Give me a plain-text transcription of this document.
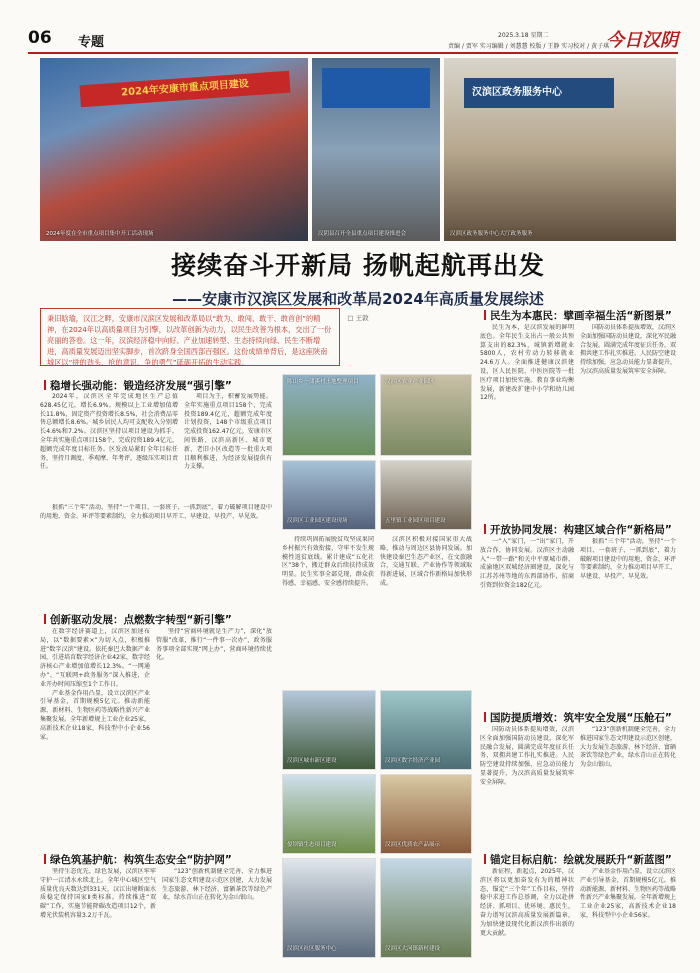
06 专题	2025.3.18 星期二
责编 / 贾军 实习编辑 / 刘慧慧 校版 / 王静 实习校对 / 黄子琪
今日汉阴
2024年安康市重点项目建设
2024年度在全市重点项目集中开工活动现场	汉阴县召开全县重点项目建设推进会
汉滨区政务服务中心
汉滨区政务服务中心大厅政务服务
接续奋斗开新局 扬帆起航再出发
——安康市汉滨区发展和改革局2024年高质量发展综述
□ 王敦
秉旧晗瑜，汉江之畔，安康市汉滨区发展和改革局以“敢为、敢闯、敢干、敢首创”的精神，在2024年以高质量项目为引擎，以改革创新为动力，以民生改善为根本，交出了一份亮丽的答卷。这一年，汉滨经济稳中向好、产业加速转型、生态持续向绿、民生不断增进，高质量发展迈出坚实脚步，首次跻身全国西部百强区。这份成绩单背后，是这座陕南城区以“拼的劲头、抢的意识、争的勇气”砥砺开拓的生动实践。
稳增长强动能：锻造经济发展“强引擎”

2024年，汉滨区全年完成地区生产总值628.45亿元，增长6.9%。规模以上工业增加值增长11.8%，固定资产投资增长8.5%，社会消费品零售总额增长8.6%。城乡居民人均可支配收入分别增长4.6%和7.2%。汉滨区坚持以项目建设为抓手，全年共实施重点项目158个，完成投资189.4亿元，超额完成年度目标任务。区发改局紧盯全年目标任务，坚持月调度、季观摩、年考评，逐级压实项目责任。

项目为王，积蓄发展势能。全年实施重点项目158个，完成投资189.4亿元，超额完成年度计划投资，148个市级重点项目完成投资162.47亿元。安康市区间铁路、汉滨高新区、城市更新、老旧小区改造等一批重大项目顺利推进，为经济发展提供有力支撑。

狠抓“三个年”活动，坚持“一个项目、一套班子、一抓到底”，着力破解项目建设中的用地、资金、环评等要素制约，全力推动项目早开工、早建设、早投产、早见效。

创新驱动发展：点燃数字转型“新引擎”

在数字经济赛道上，汉滨区加速布局，以“数据要素×”为切入点，积极推进“数字汉滨”建设。依托秦巴大数据产业园，引进培育数字经济企业42家，数字经济核心产业增加值增长12.3%。“一网通办”、“互联网+政务服务”深入推进，企业开办时间压缩至1个工作日。

产业基金作用凸显，设立汉滨区产业引导基金，首期规模5亿元。推动新能源、新材料、生物医药等战略性新兴产业集聚发展。全年新增规上工业企业25家，高新技术企业18家，科技型中小企业56家。

坚持“营商环境就是生产力”，深化“放管服”改革，推行“一件事一次办”，政务服务事项全部实现“网上办”，营商环境持续优化。

绿色筑基护航：构筑生态安全“防护网”

坚持生态优先、绿色发展，汉滨区牢牢守护一江清水永续北上。全年中心城区空气质量优良天数达到331天，汉江出境断面水质稳定保持国家Ⅱ类标准。持续推进“双碳”工作，实施节能降碳改造项目12个，新增光伏装机容量3.2万千瓦。

“123”创新机制健全完善，全力推进国家生态文明建设示范区创建，大力发展生态旅游、林下经济、富硒茶饮等绿色产业，绿水青山正在转化为金山银山。

陈山乡一蒲溪村土地整理项目	汉滨区农业产业园区
汉滨区工业园区建设现场	五里镇工业园区项目建设

持续巩固拓展脱贫攻坚成果同乡村振兴有效衔接，守牢不发生规模性返贫底线。累计建成“五化社区”38个，搬迁群众后续扶持成效明显。民生实事全部兑现，群众获得感、幸福感、安全感持续提升。

汉滨区积极对接国家重大战略，推动与周边区县协同发展。加快建设秦巴生态产业区，在文旅融合、交通互联、产业协作等领域取得新进展，区域合作新格局加快形成。

汉滨区城市新区建设	汉滨区数字经济产业园
晏坝镇生态项目建设	汉滨区优质农产品展示
汉滨区社区服务中心	汉滨区大河镇新村建设
民生为本惠民：擘画幸福生活“新图景”

民生为本，是汉滨发展的鲜明底色。全年民生支出占一般公共预算支出的82.3%，城镇新增就业5800人，农村劳动力转移就业24.6万人。全面推进健康汉滨建设，区人民医院、中医医院等一批医疗项目加快实施。教育事业均衡发展，新建改扩建中小学和幼儿园12所。

国防动员体系提质增效，汉滨区全面加强国防动员建设，深化军民融合发展，圆满完成年度征兵任务，双拥共建工作扎实推进。人民防空建设持续加强，应急动员能力显著提升，为汉滨高质量发展筑牢安全屏障。

开放协同发展：构建区域合作“新格局”

一“入”家门，一“出”家门，开放合作，协同发展。汉滨区主动融入“一带一路”和关中平原城市群、成渝地区双城经济圈建设，深化与江苏苏州等地的东西部协作，招商引资到位资金182亿元。

狠抓“三个年”活动，坚持“一个项目、一套班子、一抓到底”，着力破解项目建设中的用地、资金、环评等要素制约，全力推动项目早开工、早建设、早投产、早见效。

国防提质增效：筑牢安全发展“压舱石”

国防动员体系提质增效，汉滨区全面加强国防动员建设，深化军民融合发展，圆满完成年度征兵任务，双拥共建工作扎实推进。人民防空建设持续加强，应急动员能力显著提升，为汉滨高质量发展筑牢安全屏障。

“123”创新机制健全完善，全力推进国家生态文明建设示范区创建，大力发展生态旅游、林下经济、富硒茶饮等绿色产业，绿水青山正在转化为金山银山。

锚定目标启航：绘就发展跃升“新蓝图”

新征程，新起点，2025年，汉滨区将以更加奋发有为的精神状态，锚定“三个年”工作目标，坚持稳中求进工作总基调，全力以赴拼经济、抓项目、优环境、惠民生，奋力谱写汉滨高质量发展新篇章，为加快建设现代化新汉滨作出新的更大贡献。

产业基金作用凸显，设立汉滨区产业引导基金，首期规模5亿元。推动新能源、新材料、生物医药等战略性新兴产业集聚发展。全年新增规上工业企业25家，高新技术企业18家，科技型中小企业56家。
